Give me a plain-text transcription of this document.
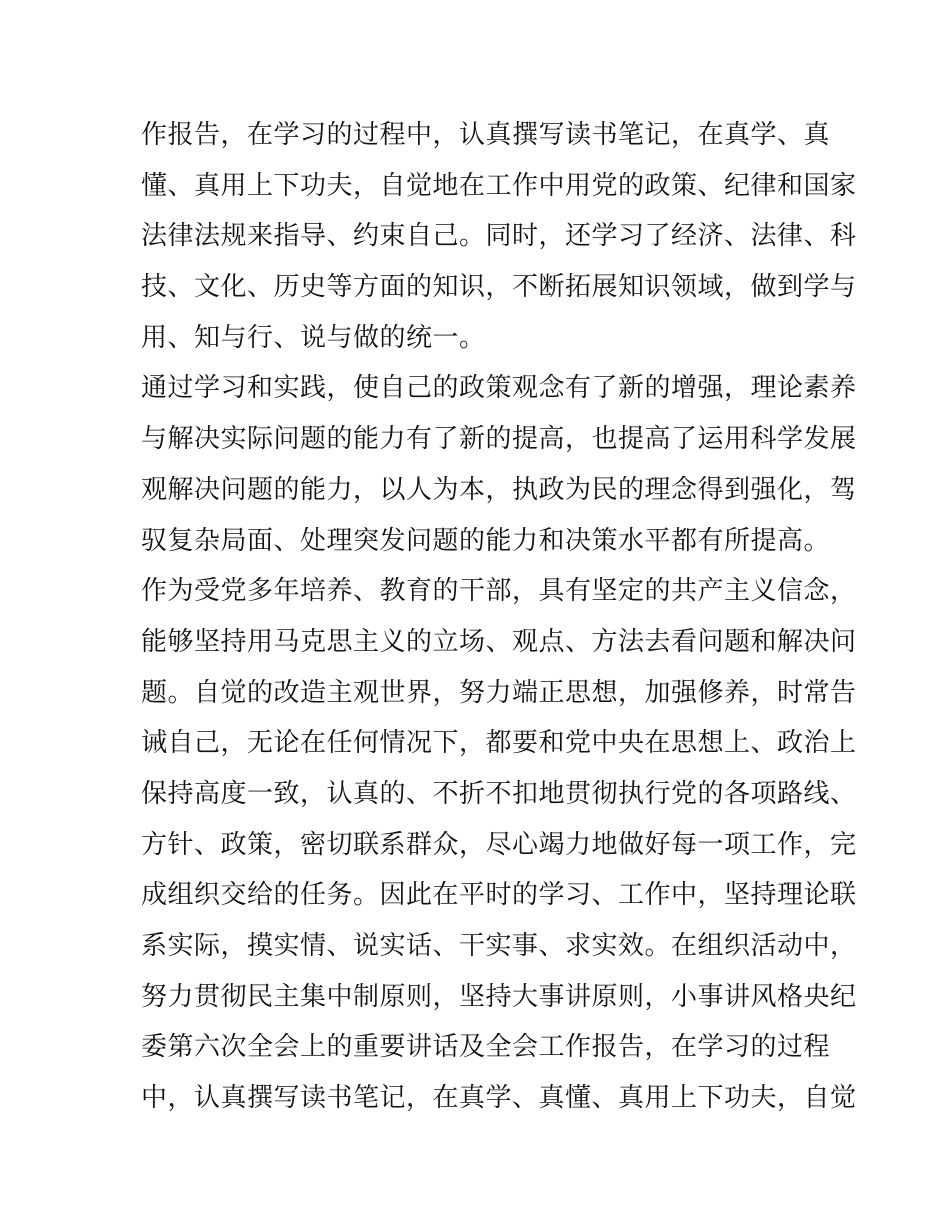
作报告，在学习的过程中，认真撰写读书笔记，在真学、真
懂、真用上下功夫，自觉地在工作中用党的政策、纪律和国家
法律法规来指导、约束自己。同时，还学习了经济、法律、科
技、文化、历史等方面的知识，不断拓展知识领域，做到学与
用、知与行、说与做的统一。
通过学习和实践，使自己的政策观念有了新的增强，理论素养
与解决实际问题的能力有了新的提高，也提高了运用科学发展
观解决问题的能力，以人为本，执政为民的理念得到强化，驾
驭复杂局面、处理突发问题的能力和决策水平都有所提高。
作为受党多年培养、教育的干部，具有坚定的共产主义信念，
能够坚持用马克思主义的立场、观点、方法去看问题和解决问
题。自觉的改造主观世界，努力端正思想，加强修养，时常告
诫自己，无论在任何情况下，都要和党中央在思想上、政治上
保持高度一致，认真的、不折不扣地贯彻执行党的各项路线、
方针、政策，密切联系群众，尽心竭力地做好每一项工作，完
成组织交给的任务。因此在平时的学习、工作中，坚持理论联
系实际，摸实情、说实话、干实事、求实效。在组织活动中，
努力贯彻民主集中制原则，坚持大事讲原则，小事讲风格央纪
委第六次全会上的重要讲话及全会工作报告，在学习的过程
中，认真撰写读书笔记，在真学、真懂、真用上下功夫，自觉
